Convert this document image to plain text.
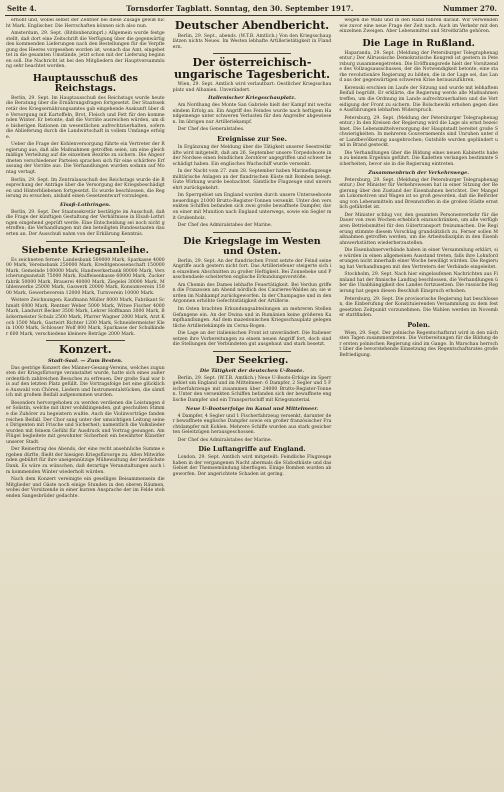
Seite 4.	Tornsdorfer Tagblatt. Sonntag, den 30. September 1917.	Nummer 270.

erhöht und, wobei selbst der Zentner bei diese Zusage gewiß nicht Mark. Englischer. Die Herrschaften können sich also nun.

Amsterdam, 29. Sept. (Bitdonbenzinprl.) Allgemein wurde festgestellt, daß dort eine Zeitschrift die Verfügung über die gegenwärtig den kommenden Lieferungen nach den Bestellungen für die Verpflegung des Heeres vorgesehen worden ist, wonach das Amt, eingebettet in die gesamten Umstände, jetzt schon mit der Lieferung beginnen soll. Die Nachricht ist bei den Mitgliedern der Hauptversammlung sehr beachtet worden.

Hauptausschuß des Reichstags.

Berlin, 29. Sept. Im Hauptausschuß des Reichstags wurde heute die Beratung über die Ernährungsfragen fortgesetzt. Der Staatssekretär des Kriegsernährungsamtes gab eingehende Auskunft über die Versorgung mit Kartoffeln, Brot, Fleisch und Fett für den kommenden Winter. Er betonte, daß die Vorräte ausreichen würden, um die bisherigen Rationen im wesentlichen aufrechtzuerhalten, sofern die Ablieferung durch die Landwirtschaft in vollem Umfange erfolge.

Ueber die Frage der Kohlenversorgung führte ein Vertreter der Regierung aus, daß alle Maßnahmen getroffen seien, um eine gleichmäßige Verteilung auf die einzelnen Bezirke zu sichern. Die Abgeordneten verschiedener Parteien sprachen sich für eine schärfere Erfassung der Vorräte aus. Die Verhandlungen wurden sodann auf Montag vertagt.

Berlin, 29. Sept. Im Zentralausschuß des Reichstags wurde die Besprechung der Anträge über die Versorgung der Kriegsbeschädigten und Hinterbliebenen fortgesetzt. Es wurde beschlossen, die Regierung zu ersuchen, alsbald einen Gesetzentwurf vorzulegen.

Elsaß-Lothringen.

Berlin, 29. Sept. Der Staatssekretär bestätigte im Ausschuß, daß die Frage der künftigen Gestaltung der Verhältnisse in Elsaß-Lothringen eingehend geprüft werde. Eine Entscheidung sei noch nicht getroffen; die Verhandlungen mit den beteiligten Bundesstaaten dauerten an. Der Ausschuß nahm von der Erklärung Kenntnis.

Siebente Kriegsanleihe.

Es zeichneten ferner: Landesbank 500000 Mark, Sparkasse 400000 Mark, Vereinsbank 250000 Mark, Kreditgenossenschaft 150000 Mark, Gemeinde 100000 Mark, Handwerkerbank 80000 Mark, Versicherungsanstalt 75000 Mark, Raiffeisenkasse 60000 Mark, Zuckerfabrik 50000 Mark, Brauerei 40000 Mark, Ziegelei 30000 Mark, Mühlenwerke 25000 Mark, Gaswerk 20000 Mark, Konsumverein 15000 Mark, Gewerbeverein 12000 Mark, Turnverein 10000 Mark.

Weitere Zeichnungen: Kaufmann Müller 8000 Mark, Fabrikant Schmidt 6000 Mark, Rentner Weber 5000 Mark, Witwe Fischer 4000 Mark, Landwirt Becker 3500 Mark, Lehrer Hoffmann 3000 Mark, Bäckermeister Schulz 2500 Mark, Pfarrer Wagner 2000 Mark, Arzt Koch 1500 Mark, Gastwirt Richter 1200 Mark, Schneidermeister Klein 1000 Mark, Schlosser Wolf 800 Mark, Sparkasse der Schulkinder 600 Mark, verschiedene kleinere Beträge 2000 Mark.

Konzert.
Stadt-Saal. — Zum Besten.

Das gestrige Konzert des Männer-Gesang-Vereins, welches zugunsten der Kriegsfürsorge veranstaltet wurde, hatte sich eines außerordentlich zahlreichen Besuches zu erfreuen. Der große Saal war bis auf den letzten Platz gefüllt. Die Vortragsfolge bot eine glückliche Auswahl von Chören, Liedern und Instrumentalstücken, die sämtlich mit großem Beifall aufgenommen wurden.

Besonders hervorgehoben zu werden verdienen die Leistungen der Solistin, welche mit ihrer wohlklingenden, gut geschulten Stimme die Zuhörer zu begeistern wußte. Auch die Violinvorträge fanden reichen Beifall. Der Chor sang unter der umsichtigen Leitung seines Dirigenten mit Frische und Sicherheit; namentlich die Volkslieder wurden mit feinem Gefühl für Ausdruck und Vortrag gesungen. Am Flügel begleitete mit gewohnter Sicherheit ein bewährter Künstler unserer Stadt.

Der Reinertrag des Abends, der eine recht ansehnliche Summe ergeben dürfte, fließt der hiesigen Kriegsfürsorge zu. Allen Mitwirkenden gebührt für ihre uneigennützige Mühewaltung der herzlichste Dank. Es wäre zu wünschen, daß derartige Veranstaltungen auch im kommenden Winter wiederholt würden.

Nach dem Konzert vereinigte ein geselliges Beisammensein die Mitglieder und Gäste noch einige Stunden in den oberen Räumen, wobei der Vorsitzende in einer kurzen Ansprache der im Felde stehenden Sangesbrüder gedachte.

Deutscher Abendbericht.

Berlin, 29. Sept., abends. (W.T.B. Amtlich.) Von den Kriegsschauplätzen nichts Neues. Im Westen lebhafte Artillerietätigkeit in Flandern.

Der österreichisch-ungarische Tagesbericht.

Wien, 29. Sept. Amtlich wird verlautbart: Oestlicher Kriegsschauplatz und Albanien. Unverändert.

Italienischer Kriegsschauplatz.

Am Nordhang des Monte San Gabriele hielt der Kampf mit wechselndem Erfolg an. Ein Angriff des Feindes wurde nach heftigem Handgemenge unter schweren Verlusten für den Angreifer abgewiesen. Im übrigen nur Artilleriekampf.

Der Chef des Generalstabes.

Ereignisse zur See.

In Ergänzung der Meldung über die Tätigkeit unserer Seestreitkräfte wird mitgeteilt, daß am 26. September unsere Torpedoboote in der Nordsee einen feindlichen Zerstörer angegriffen und schwer beschädigt haben. Ein englisches Wachschiff wurde versenkt.

In der Nacht vom 27. zum 28. September haben Marineflugzeuge militärische Anlagen an der flandrischen Küste mit Bomben belegt. Gute Wirkung wurde beobachtet. Sämtliche Flugzeuge sind unversehrt zurückgekehrt.

Im Sperrgebiet um England wurden durch unsere Unterseeboote neuerdings 21000 Brutto-Register-Tonnen versenkt. Unter den versenkten Schiffen befanden sich zwei große bewaffnete Dampfer, davon einer mit Munition nach England unterwegs, sowie ein Segler mit Grubenholz.

Der Chef des Admiralstabes der Marine.

Die Kriegslage im Westen und Osten.

Berlin, 29. Sept. An der flandrischen Front setzte der Feind seine Angriffe auch gestern nicht fort. Das Artilleriefeuer steigerte sich in einzelnen Abschnitten zu großer Heftigkeit. Bei Zonnebeke und Passchendaele scheiterten englische Erkundungsvorstöße.

Am Chemin des Dames lebhafte Feuertätigkeit. Bei Verdun griffen die Franzosen am Abend nördlich des Caurieres-Waldes an; sie wurden im Nahkampf zurückgeworfen. In der Champagne und in den Argonnen erhöhte Gefechtstätigkeit der Artillerie.

Im Osten brachten Erkundungsabteilungen an mehreren Stellen Gefangene ein. An der Dwina und in Rumänien keine größeren Kampfhandlungen. Auf dem mazedonischen Kriegsschauplatz gelegentliche Artilleriekämpfe im Cerna-Bogen.

Die Lage an der italienischen Front ist unverändert. Die Italiener setzen ihre Vorbereitungen zu einem neuen Angriff fort, doch sind die Stellungen der Verbündeten gut ausgebaut und stark besetzt.

Der Seekrieg.
Die Tätigkeit der deutschen U-Boote.

Berlin, 29. Sept. (W.T.B. Amtlich.) Neue U-Boots-Erfolge im Sperrgebiet um England und im Mittelmeer: 6 Dampfer, 2 Segler und 5 Fischerfahrzeuge mit zusammen über 24000 Brutto-Register-Tonnen. Unter den versenkten Schiffen befanden sich der bewaffnete englische Dampfer und ein Transportschiff mit Kriegsmaterial.

Neue U-Bootserfolge im Kanal und Mittelmeer.

4 Dampfer, 4 Segler und 1 Fischerfahrzeug versenkt, darunter der bewaffnete englische Dampfer sowie ein großer französischer Frachtdampfer mit Kohlen. Mehrere Schiffe wurden aus stark gesicherten Geleitzügen herausgeschossen.

Der Chef des Admiralstabes der Marine.

Die Luftangriffe auf England.

London, 29. Sept. Amtlich wird mitgeteilt: Feindliche Flugzeuge haben in der vergangenen Nacht abermals die Südostküste und das Gebiet der Themsemündung überflogen. Einige Bomben wurden abgeworfen. Der angerichtete Schaden ist gering.

wegen die Wahl und in den Rand führen darauf. Wir verwenden wie zuvor eine neue Frage der Zeit nach. Auch im Verkehr mit den einzelnen Zweigen. Aber Lebensmittel und Streitkräfte gehören.

Die Lage in Rußland.

Haparanda, 29. Sept. (Meldung der Petersburger Telegraphenagentur.) Der Allrussische Demokratische Kongreß ist gestern in Petersburg zusammengetreten. Die Eröffnungsrede hielt der Vorsitzende des Vollzugsausschusses, der die Notwendigkeit betonte, eine starke revolutionäre Regierung zu bilden, die in der Lage sei, das Land aus der gegenwärtigen schweren Krise herauszuführen.

Kerenski erschien im Laufe der Sitzung und wurde mit lebhaftem Beifall begrüßt. Er erklärte, die Regierung werde alle Maßnahmen treffen, um die Ordnung im Lande aufrechtzuerhalten und die Verteidigung der Front zu sichern. Die Bolschewiki erhoben gegen diese Ausführungen lebhaften Widerspruch.

Petersburg, 29. Sept. (Meldung der Petersburger Telegraphenagentur.) In den Kreisen der Regierung wird die Lage als ernst bezeichnet. Die Lebensmittelversorgung der Hauptstadt bereitet große Schwierigkeiten. In mehreren Gouvernements sind Unruhen unter der Landbevölkerung ausgebrochen; Gutshöfe wurden geplündert und in Brand gesteckt.

Die Verhandlungen über die Bildung eines neuen Kabinetts haben zu keinem Ergebnis geführt. Die Kadetten verlangen bestimmte Sicherheiten, bevor sie in die Regierung eintreten.

Zusammenbruch der Verkehrswege.

Petersburg, 29. Sept. (Meldung der Petersburger Telegraphenagentur.) Der Minister für Verkehrswesen hat in einer Sitzung der Regierung über den Zustand der Eisenbahnen berichtet. Der Mangel an Lokomotiven und Wagen ist so groß geworden, daß die Beförderung von Lebensmitteln und Brennstoffen in die großen Städte ernstlich gefährdet ist.

Der Minister schlug vor, den gesamten Personenverkehr für die Dauer von zwei Wochen erheblich einzuschränken, um alle verfügbaren Betriebsmittel für den Gütertransport freizumachen. Die Regierung stimmte diesem Vorschlag grundsätzlich zu. Ferner sollen Maßnahmen getroffen werden, um die Arbeitsdisziplin in den Eisenbahnwerkstätten wiederherzustellen.

Die Eisenbahnerverbände haben in einer Versammlung erklärt, sie würden in einen allgemeinen Ausstand treten, falls ihre Lohnforderungen nicht innerhalb einer Woche bewilligt würden. Die Regierung hat Verhandlungen mit den Vertretern der Verbände eingeleitet.

Stockholm, 29. Sept. Nach hier eingelaufenen Nachrichten aus Finnland hat der finnische Landtag beschlossen, die Verhandlungen über die Unabhängigkeit des Landes fortzusetzen. Die russische Regierung hat gegen diesen Beschluß Einspruch erhoben.

Petersburg, 29. Sept. Die provisorische Regierung hat beschlossen, die Einberufung der Konstituierenden Versammlung zu dem festgesetzten Zeitpunkt vorzunehmen. Die Wahlen werden im November stattfinden.

Polen.

Wien, 29. Sept. Der polnische Regentschaftsrat wird in den nächsten Tagen zusammentreten. Die Vorbereitungen für die Bildung der ersten polnischen Regierung sind im Gange. In Warschau herrscht über die bevorstehende Einsetzung des Regentschaftsrates große Befriedigung.
